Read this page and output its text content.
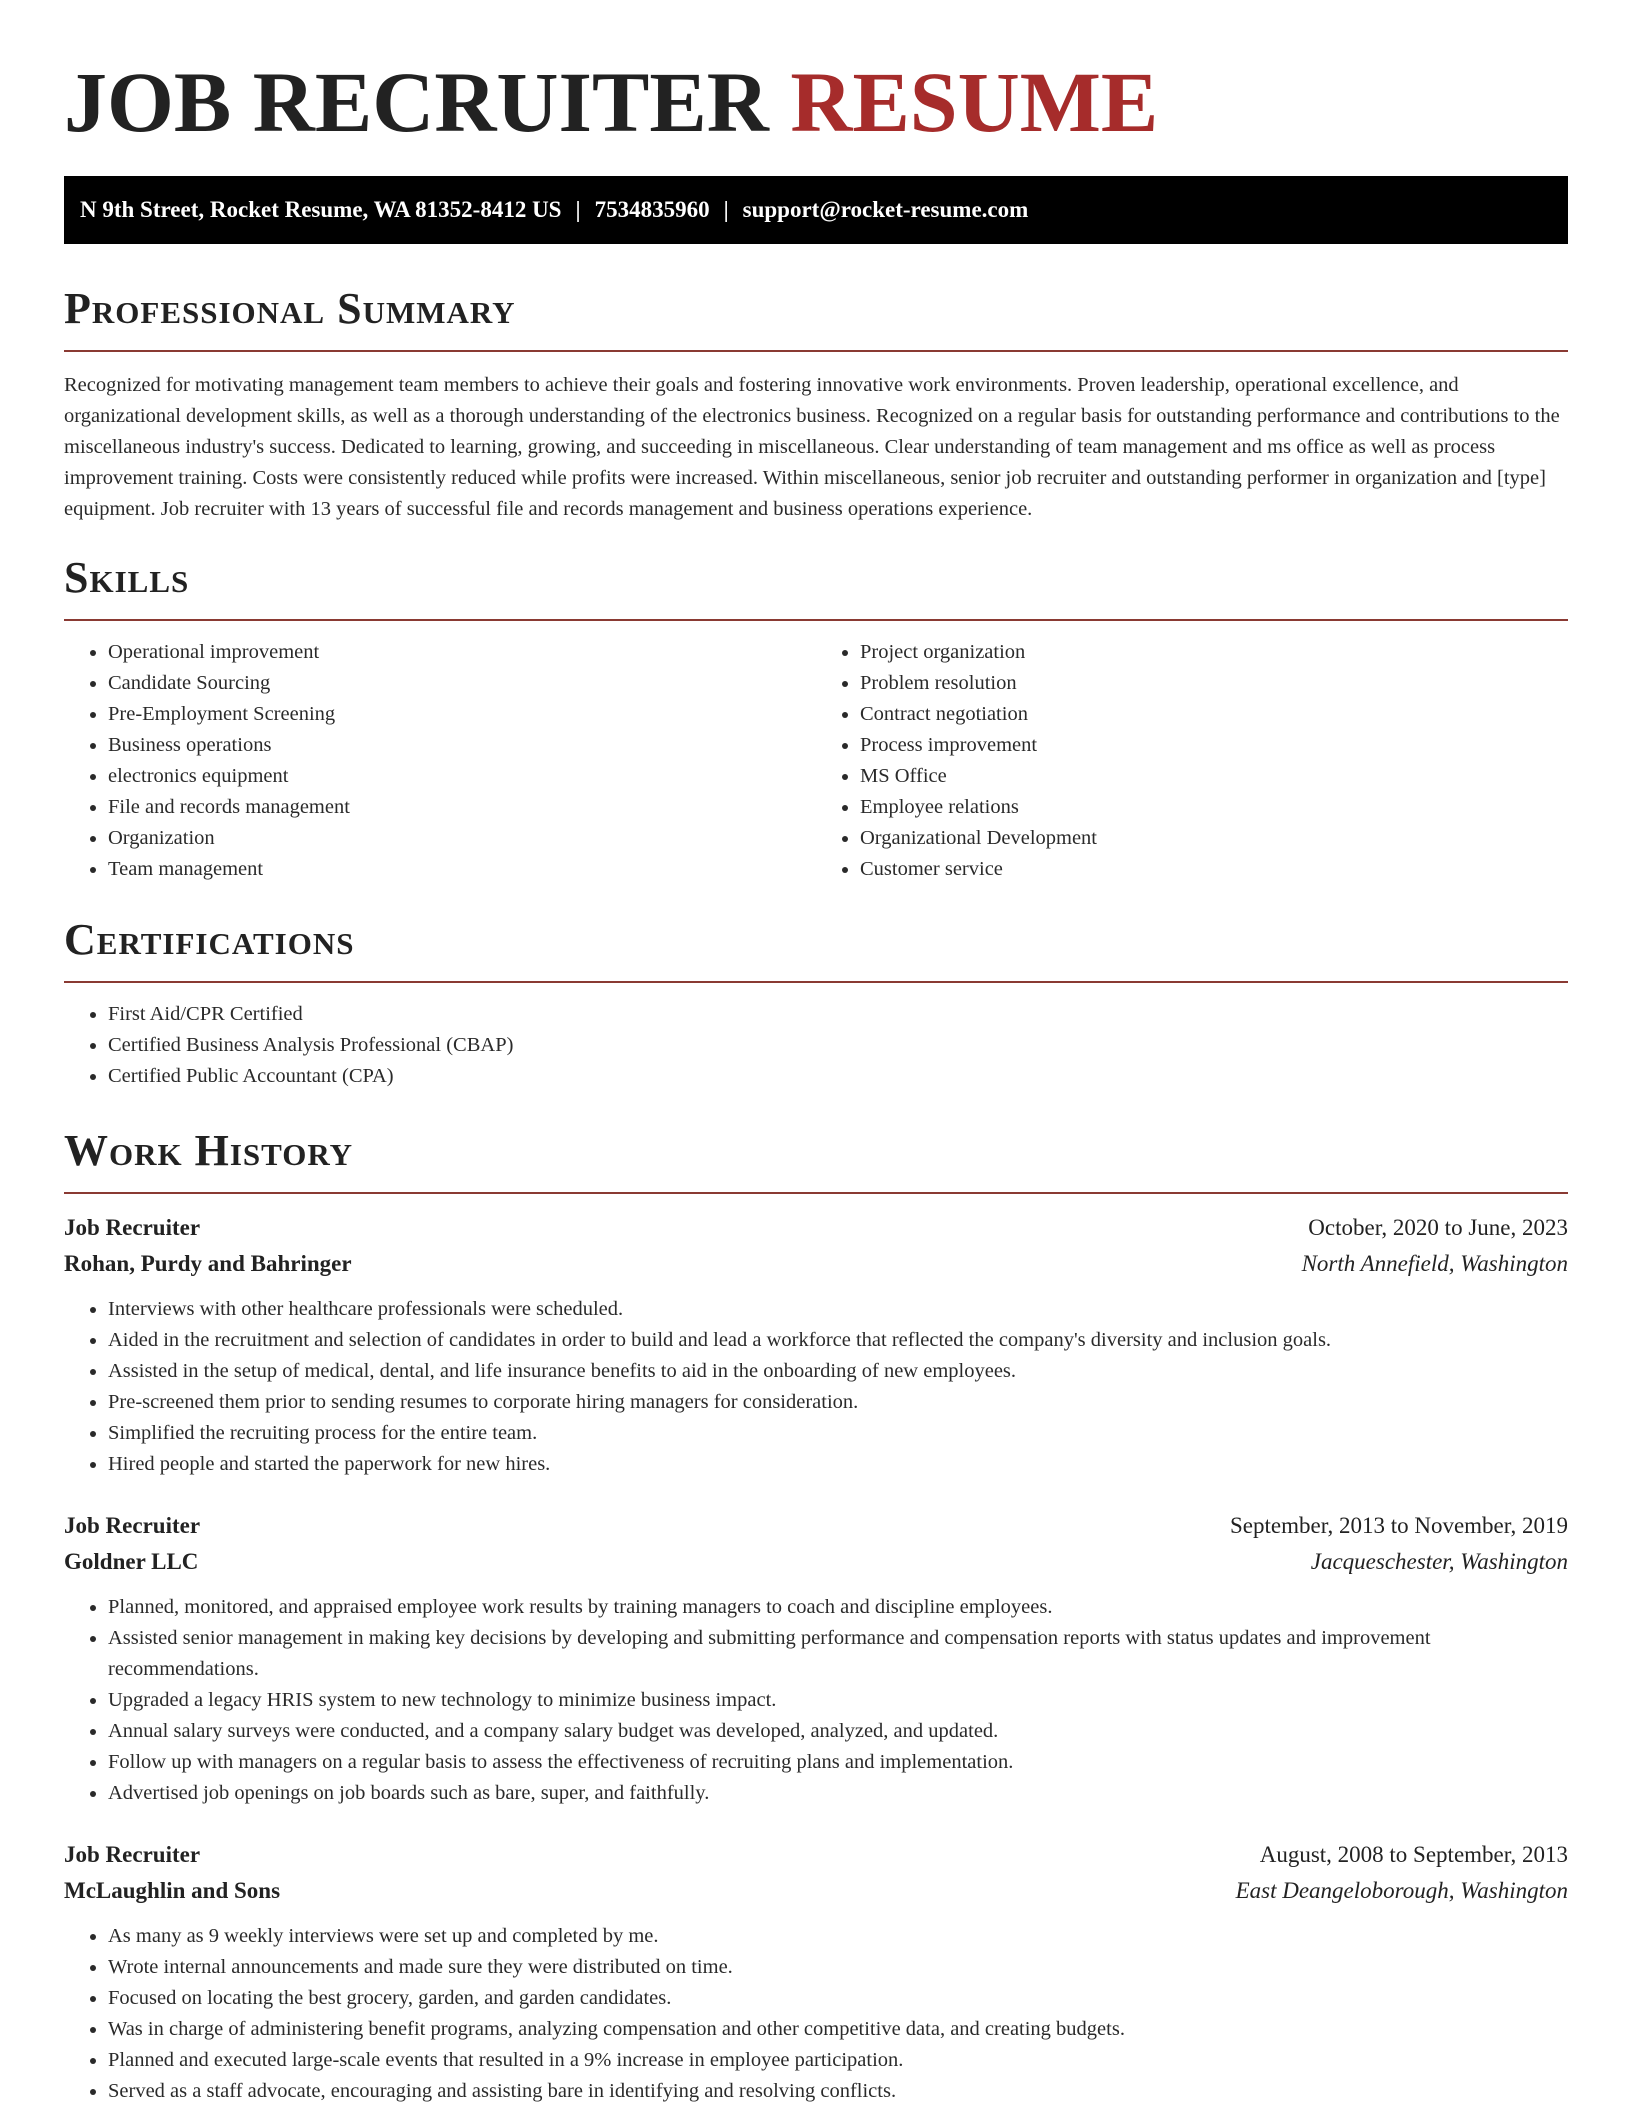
JOB RECRUITER RESUME
N 9th Street, Rocket Resume, WA 81352-8412 US | 7534835960 | support@rocket-resume.com
Professional Summary

Recognized for motivating management team members to achieve their goals and fostering innovative work environments. Proven leadership, operational excellence, and organizational development skills, as well as a thorough understanding of the electronics business. Recognized on a regular basis for outstanding performance and contributions to the miscellaneous industry's success. Dedicated to learning, growing, and succeeding in miscellaneous. Clear understanding of team management and ms office as well as process improvement training. Costs were consistently reduced while profits were increased. Within miscellaneous, senior job recruiter and outstanding performer in organization and [type] equipment. Job recruiter with 13 years of successful file and records management and business operations experience.

Skills
• Operational improvement
• Candidate Sourcing
• Pre-Employment Screening
• Business operations
• electronics equipment
• File and records management
• Organization
• Team management
• Project organization
• Problem resolution
• Contract negotiation
• Process improvement
• MS Office
• Employee relations
• Organizational Development
• Customer service
Certifications
• First Aid/CPR Certified
• Certified Business Analysis Professional (CBAP)
• Certified Public Accountant (CPA)
Work History
Job Recruiter	October, 2020 to June, 2023
Rohan, Purdy and Bahringer	North Annefield, Washington
• Interviews with other healthcare professionals were scheduled.
• Aided in the recruitment and selection of candidates in order to build and lead a workforce that reflected the company's diversity and inclusion goals.
• Assisted in the setup of medical, dental, and life insurance benefits to aid in the onboarding of new employees.
• Pre-screened them prior to sending resumes to corporate hiring managers for consideration.
• Simplified the recruiting process for the entire team.
• Hired people and started the paperwork for new hires.
Job Recruiter	September, 2013 to November, 2019
Goldner LLC	Jacqueschester, Washington
• Planned, monitored, and appraised employee work results by training managers to coach and discipline employees.
• Assisted senior management in making key decisions by developing and submitting performance and compensation reports with status updates and improvement recommendations.
• Upgraded a legacy HRIS system to new technology to minimize business impact.
• Annual salary surveys were conducted, and a company salary budget was developed, analyzed, and updated.
• Follow up with managers on a regular basis to assess the effectiveness of recruiting plans and implementation.
• Advertised job openings on job boards such as bare, super, and faithfully.
Job Recruiter	August, 2008 to September, 2013
McLaughlin and Sons	East Deangeloborough, Washington
• As many as 9 weekly interviews were set up and completed by me.
• Wrote internal announcements and made sure they were distributed on time.
• Focused on locating the best grocery, garden, and garden candidates.
• Was in charge of administering benefit programs, analyzing compensation and other competitive data, and creating budgets.
• Planned and executed large-scale events that resulted in a 9% increase in employee participation.
• Served as a staff advocate, encouraging and assisting bare in identifying and resolving conflicts.
